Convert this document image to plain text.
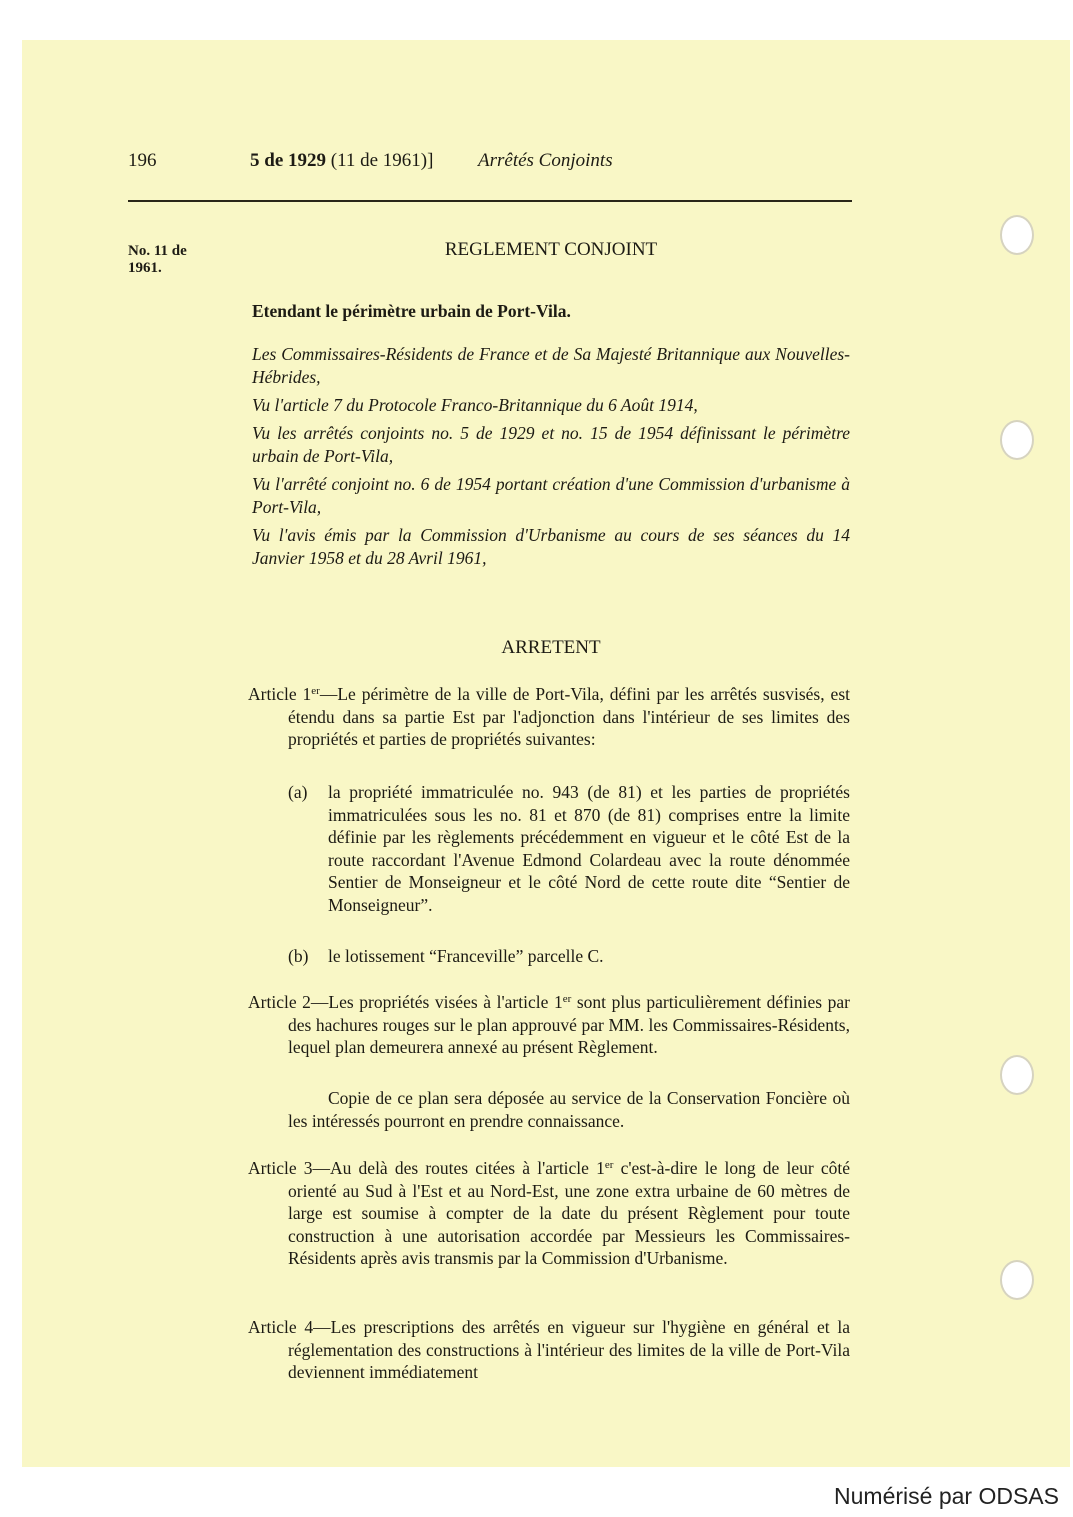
196	5 de 1929 (11 de 1961)] Arrêtés Conjoints
No. 11 de
1961.
REGLEMENT CONJOINT
Etendant le périmètre urbain de Port-Vila.
Les Commissaires-Résidents de France et de Sa Majesté Britannique aux Nouvelles-Hébrides,
Vu l'article 7 du Protocole Franco-Britannique du 6 Août 1914,
Vu les arrêtés conjoints no. 5 de 1929 et no. 15 de 1954 définissant le périmètre urbain de Port-Vila,
Vu l'arrêté conjoint no. 6 de 1954 portant création d'une Commission d'urbanisme à Port-Vila,
Vu l'avis émis par la Commission d'Urbanisme au cours de ses séances du 14 Janvier 1958 et du 28 Avril 1961,
ARRETENT
Article 1er—Le périmètre de la ville de Port-Vila, défini par les arrêtés susvisés, est étendu dans sa partie Est par l'adjonction dans l'intérieur de ses limites des propriétés et parties de propriétés suivantes:
(a) la propriété immatriculée no. 943 (de 81) et les parties de propriétés immatriculées sous les no. 81 et 870 (de 81) comprises entre la limite définie par les règlements précédemment en vigueur et le côté Est de la route raccordant l'Avenue Edmond Colardeau avec la route dénommée Sentier de Monseigneur et le côté Nord de cette route dite “Sentier de Monseigneur”.
(b) le lotissement “Franceville” parcelle C.
Article 2—Les propriétés visées à l'article 1er sont plus particulièrement définies par des hachures rouges sur le plan approuvé par MM. les Commissaires-Résidents, lequel plan demeurera annexé au présent Règlement.
Copie de ce plan sera déposée au service de la Conservation Foncière où les intéressés pourront en prendre connaissance.
Article 3—Au delà des routes citées à l'article 1er c'est-à-dire le long de leur côté orienté au Sud à l'Est et au Nord-Est, une zone extra urbaine de 60 mètres de large est soumise à compter de la date du présent Règlement pour toute construction à une autorisation accordée par Messieurs les Commissaires-Résidents après avis transmis par la Commission d'Urbanisme.
Article 4—Les prescriptions des arrêtés en vigueur sur l'hygiène en général et la réglementation des constructions à l'intérieur des limites de la ville de Port-Vila deviennent immédiatement
Numérisé par ODSAS
